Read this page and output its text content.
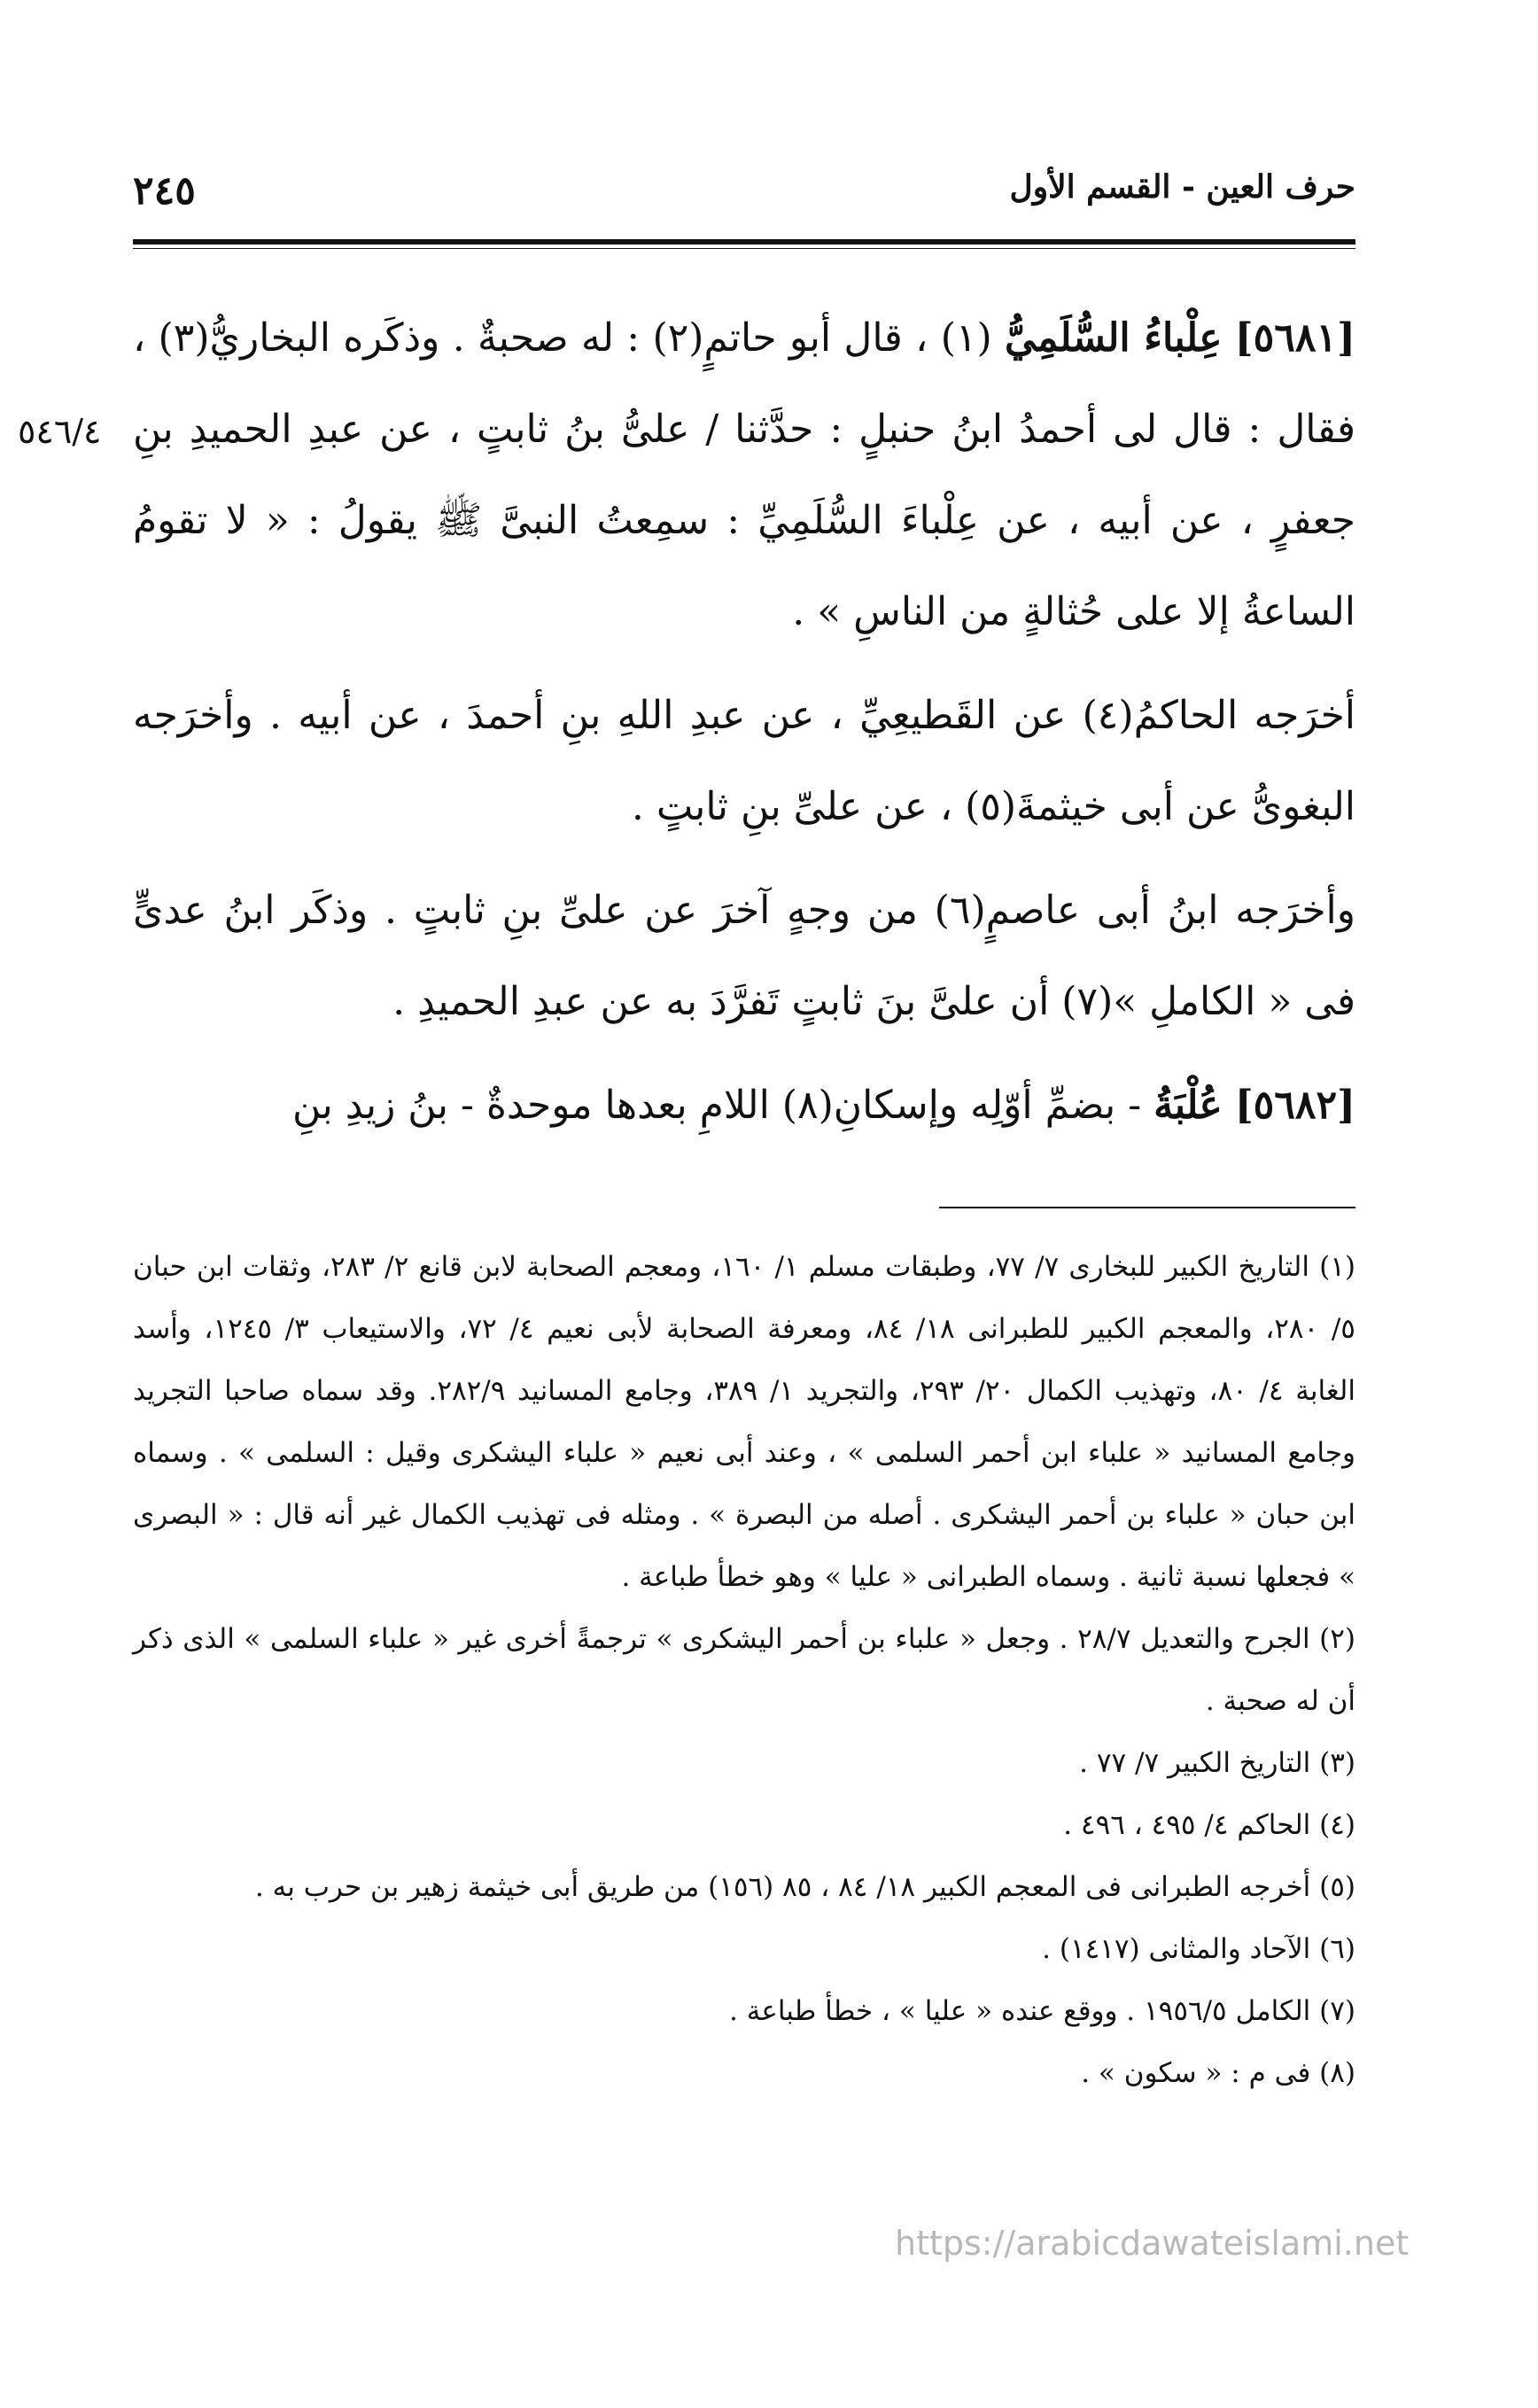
٢٤٥	حرف العين - القسم الأول
٥٤٦/٤

[٥٦٨١] عِلْباءُ السُّلَمِيُّ (١) ، قال أبو حاتمٍ(٢) : له صحبةٌ . وذكَره البخاريُّ(٣) ، فقال : قال لى أحمدُ ابنُ حنبلٍ : حدَّثنا / علىُّ بنُ ثابتٍ ، عن عبدِ الحميدِ بنِ جعفرٍ ، عن أبيه ، عن عِلْباءَ السُّلَمِيِّ : سمِعتُ النبىَّ ﷺ يقولُ : « لا تقومُ الساعةُ إلا على حُثالةٍ من الناسِ » .

أخرَجه الحاكمُ(٤) عن القَطيعِيِّ ، عن عبدِ اللهِ بنِ أحمدَ ، عن أبيه . وأخرَجه البغوىُّ عن أبى خيثمةَ(٥) ، عن علىِّ بنِ ثابتٍ .

وأخرَجه ابنُ أبى عاصمٍ(٦) من وجهٍ آخرَ عن علىِّ بنِ ثابتٍ . وذكَر ابنُ عدىٍّ فى « الكاملِ »(٧) أن علىَّ بنَ ثابتٍ تَفرَّدَ به عن عبدِ الحميدِ .

[٥٦٨٢] عُلْبَةُ - بضمِّ أوّلِه وإسكانِ(٨) اللامِ بعدها موحدةٌ - بنُ زيدِ بنِ

(١) التاريخ الكبير للبخارى ٧/ ٧٧، وطبقات مسلم ١/ ١٦٠، ومعجم الصحابة لابن قانع ٢/ ٢٨٣، وثقات ابن حبان ٥/ ٢٨٠، والمعجم الكبير للطبرانى ١٨/ ٨٤، ومعرفة الصحابة لأبى نعيم ٤/ ٧٢، والاستيعاب ٣/ ١٢٤٥، وأسد الغابة ٤/ ٨٠، وتهذيب الكمال ٢٠/ ٢٩٣، والتجريد ١/ ٣٨٩، وجامع المسانيد ٢٨٢/٩. وقد سماه صاحبا التجريد وجامع المسانيد « علباء ابن أحمر السلمى » ، وعند أبى نعيم « علباء اليشكرى وقيل : السلمى » . وسماه ابن حبان « علباء بن أحمر اليشكرى . أصله من البصرة » . ومثله فى تهذيب الكمال غير أنه قال : « البصرى » فجعلها نسبة ثانية . وسماه الطبرانى « عليا » وهو خطأ طباعة .

(٢) الجرح والتعديل ٢٨/٧ . وجعل « علباء بن أحمر اليشكرى » ترجمةً أخرى غير « علباء السلمى » الذى ذكر أن له صحبة .

(٣) التاريخ الكبير ٧/ ٧٧ .

(٤) الحاكم ٤/ ٤٩٥ ، ٤٩٦ .

(٥) أخرجه الطبرانى فى المعجم الكبير ١٨/ ٨٤ ، ٨٥ (١٥٦) من طريق أبى خيثمة زهير بن حرب به .

(٦) الآحاد والمثانى (١٤١٧) .

(٧) الكامل ١٩٥٦/٥ . ووقع عنده « عليا » ، خطأ طباعة .

(٨) فى م : « سكون » .

https://arabicdawateislami.net
